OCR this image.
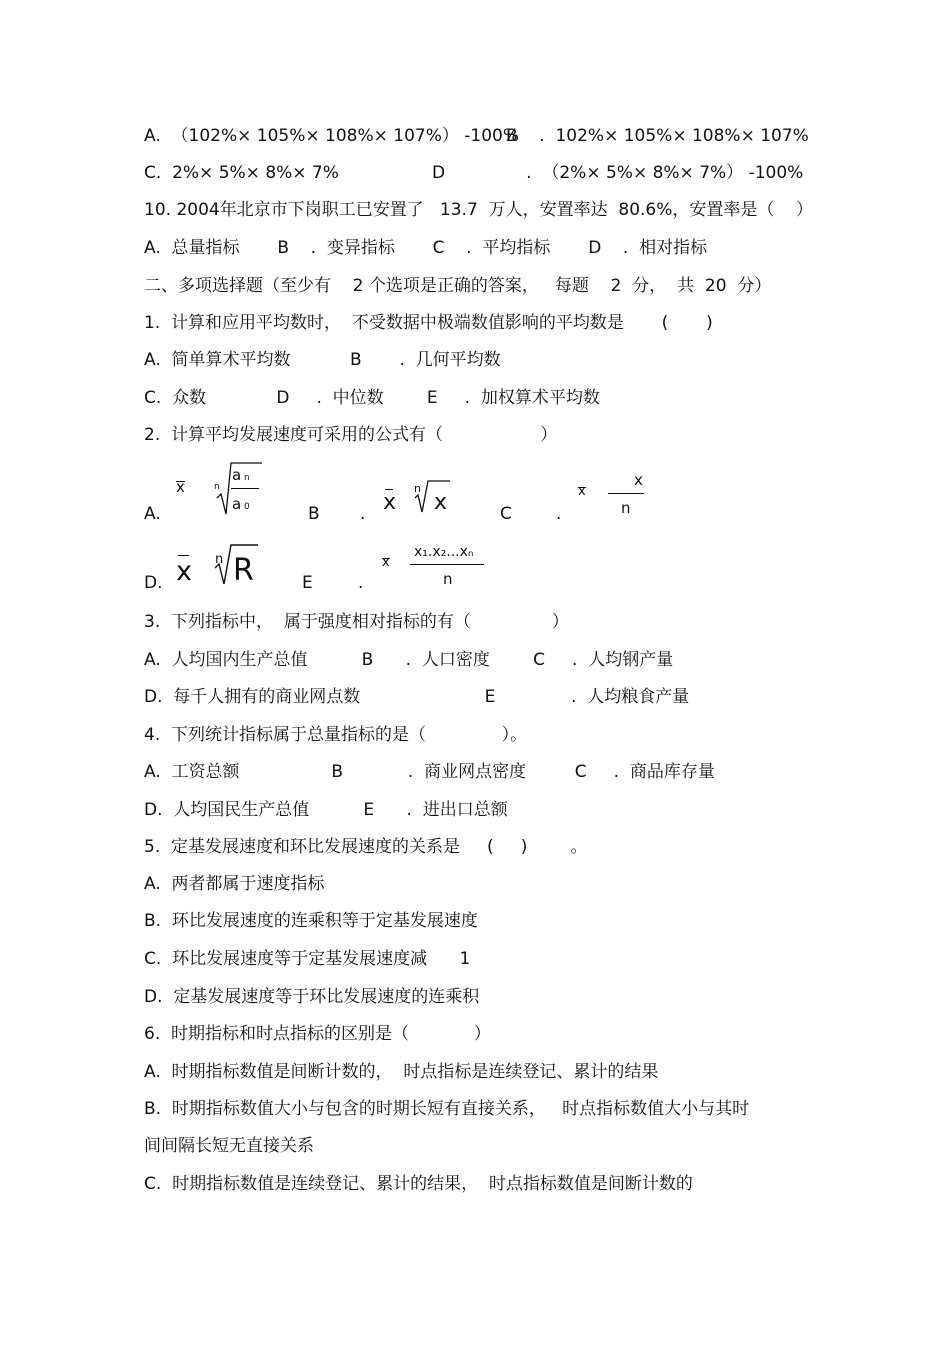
A.  （102%× 105%× 108%× 107%） -100%
B    .  102%× 105%× 108%× 107%
C.  2%× 5%× 8%× 7%	D               .  （2%× 5%× 8%× 7%） -100%
10. 2004年北京市下岗职工已安置了   13.7  万人，安置率达  80.6%，安置率是（    ）
A.  总量指标       B    .  变异指标       C    .  平均指标       D    .  相对指标
二、多项选择题（至少有    2 个选项是正确的答案，   每题    2  分，  共  20  分）
1.  计算和应用平均数时，  不受数据中极端数值影响的平均数是       (       )
A.  简单算术平均数           B       .  几何平均数
C.  众数             D     .  中位数        E     .  加权算术平均数
2.  计算平均发展速度可采用的公式有（                  ）
A.
x	n
a n
a 0	B . x
n
x	C	.
x
x
n
D. x n R	E	.
x
x₁.x₂...xₙ
n
3.  下列指标中，  属于强度相对指标的有（               ）
A.  人均国内生产总值          B      .  人口密度        C     .  人均钢产量
D.  每千人拥有的商业网点数                       E              .  人均粮食产量
4.  下列统计指标属于总量指标的是（              ）。
A.  工资总额                 B            .  商业网点密度         C     .  商品库存量
D.  人均国民生产总值          E      .  进出口总额
5.  定基发展速度和环比发展速度的关系是     (     )        。
A.  两者都属于速度指标
B.  环比发展速度的连乘积等于定基发展速度
C.  环比发展速度等于定基发展速度减      1
D.  定基发展速度等于环比发展速度的连乘积
6.  时期指标和时点指标的区别是（            ）
A.  时期指标数值是间断计数的，  时点指标是连续登记、累计的结果
B.  时期指标数值大小与包含的时期长短有直接关系，   时点指标数值大小与其时
间间隔长短无直接关系
C.  时期指标数值是连续登记、累计的结果，  时点指标数值是间断计数的
